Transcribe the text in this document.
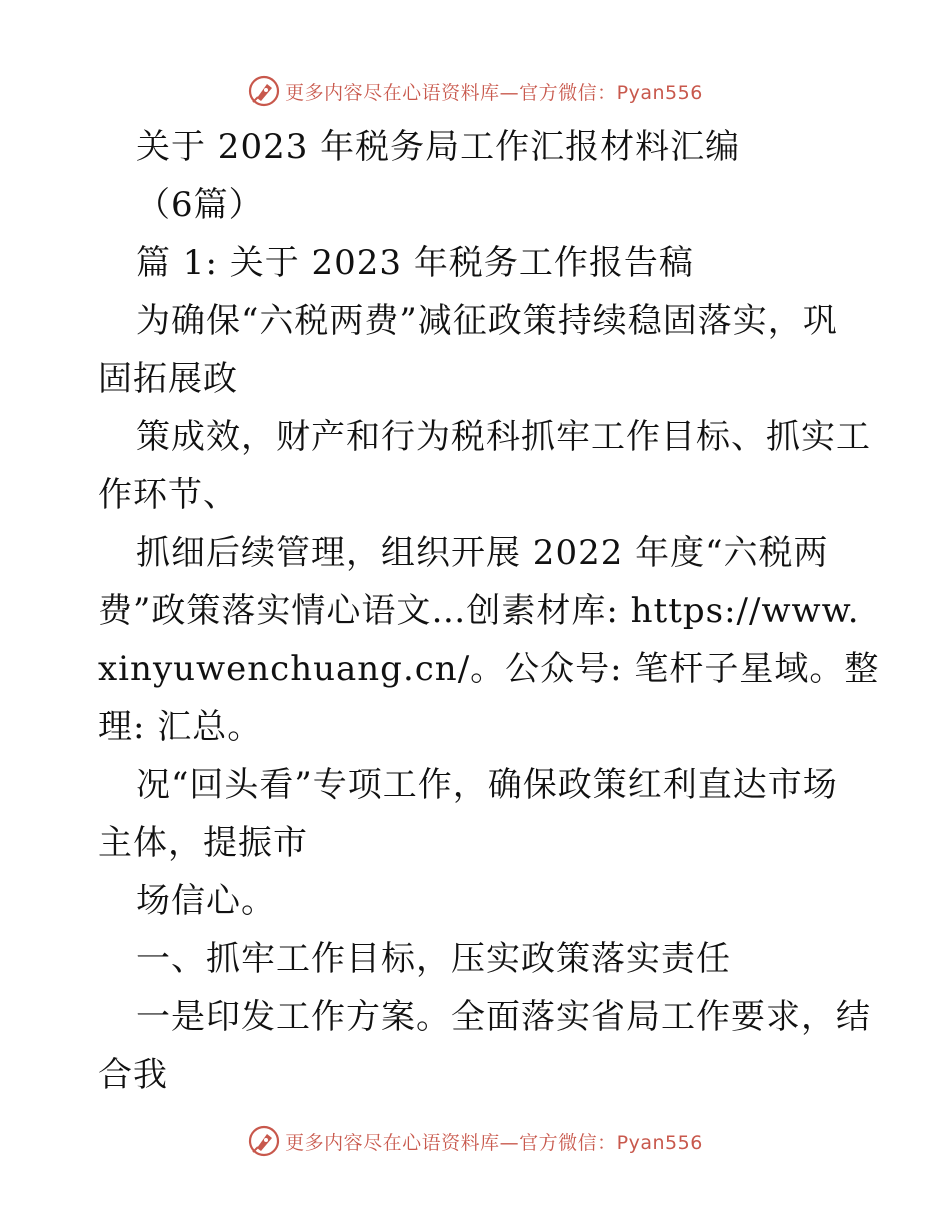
更多内容尽在心语资料库—官方微信：Pyan556
关于 2023 年税务局工作汇报材料汇编
（6篇）
篇 1: 关于 2023 年税务工作报告稿
为确保“六税两费”减征政策持续稳固落实，巩
固拓展政
策成效，财产和行为税科抓牢工作目标、抓实工
作环节、
抓细后续管理，组织开展 2022 年度“六税两
费”政策落实情心语文…创素材库: https://www.
xinyuwenchuang.cn/。公众号: 笔杆子星域。整
理: 汇总。
况“回头看”专项工作，确保政策红利直达市场
主体，提振市
场信心。
一、抓牢工作目标，压实政策落实责任
一是印发工作方案。全面落实省局工作要求，结
合我
更多内容尽在心语资料库—官方微信：Pyan556
